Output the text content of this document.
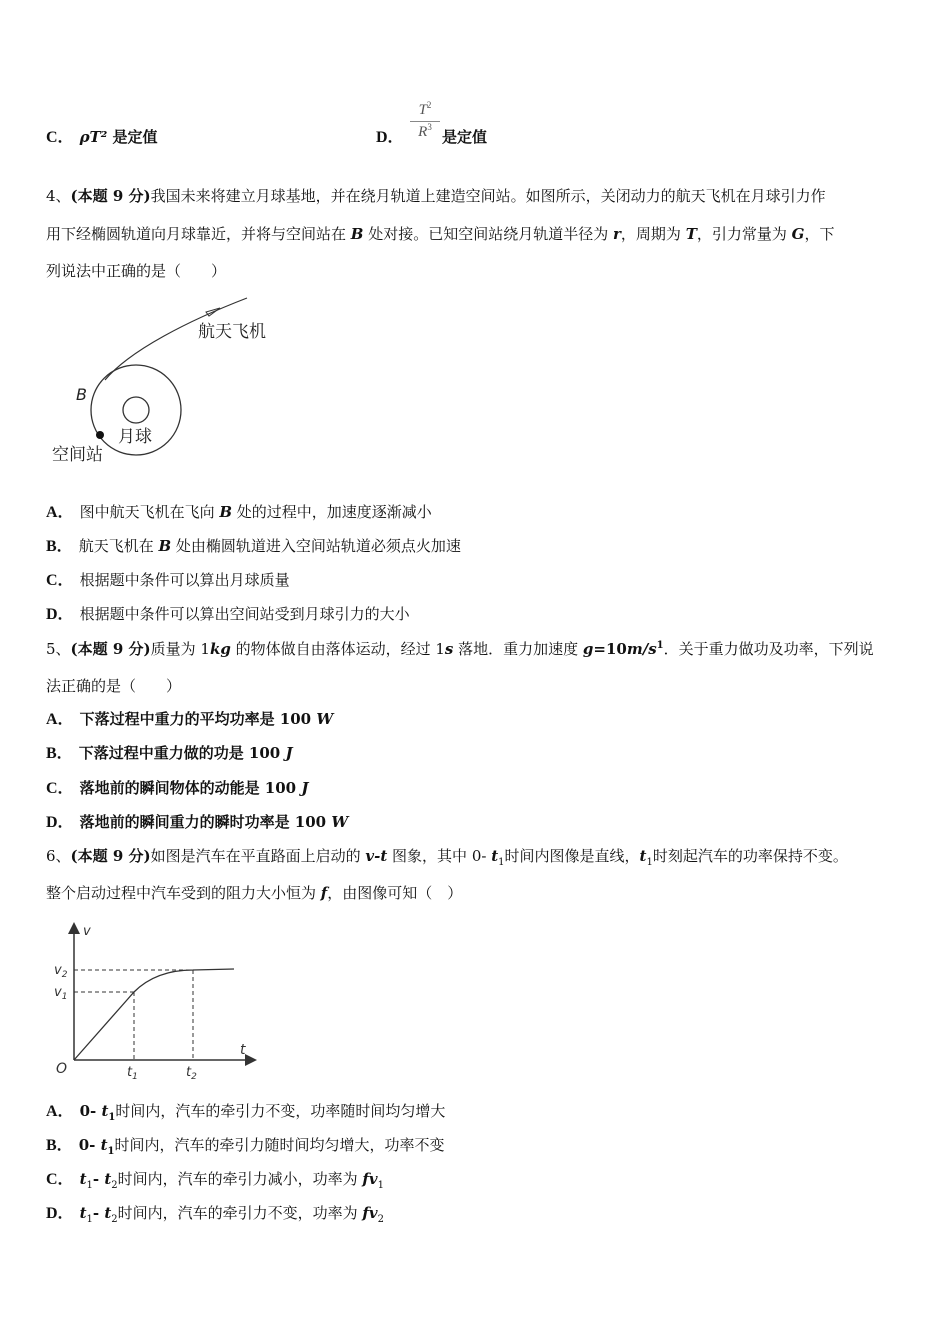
C． ρT² 是定值	D． $\frac{T^2}{R^3}$ 是定值
4、(本题 9 分)我国未来将建立月球基地，并在绕月轨道上建造空间站。如图所示，关闭动力的航天飞机在月球引力作
用下经椭圆轨道向月球靠近，并将与空间站在 B 处对接。已知空间站绕月轨道半径为 r，周期为 T，引力常量为 G，下
列说法中正确的是（　　）
航天飞机
B
月球
空间站
A． 图中航天飞机在飞向 B 处的过程中，加速度逐渐减小
B． 航天飞机在 B 处由椭圆轨道进入空间站轨道必须点火加速
C． 根据题中条件可以算出月球质量
D． 根据题中条件可以算出空间站受到月球引力的大小
5、(本题 9 分)质量为 1kg 的物体做自由落体运动，经过 1s 落地．重力加速度 $g=10m/s^1$．关于重力做功及功率，下列说
法正确的是（　　）
A． 下落过程中重力的平均功率是 100 W
B． 下落过程中重力做的功是 100 J
C． 落地前的瞬间物体的动能是 100 J
D． 落地前的瞬间重力的瞬时功率是 100 W
6、(本题 9 分)如图是汽车在平直路面上启动的 v-t 图象，其中 0- $t_1$时间内图像是直线，$t_1$时刻起汽车的功率保持不变。
整个启动过程中汽车受到的阻力大小恒为 f，由图像可知（　）
v
t
O
$v_2$
$v_1$
$t_1$	$t_2$
A． 0- $t_1$时间内，汽车的牵引力不变，功率随时间均匀增大
B． 0- $t_1$时间内，汽车的牵引力随时间均匀增大，功率不变
C． $t_1-$ $t_2$时间内，汽车的牵引力减小，功率为 $fv_1$
D． $t_1-$ $t_2$时间内，汽车的牵引力不变，功率为 $fv_2$
